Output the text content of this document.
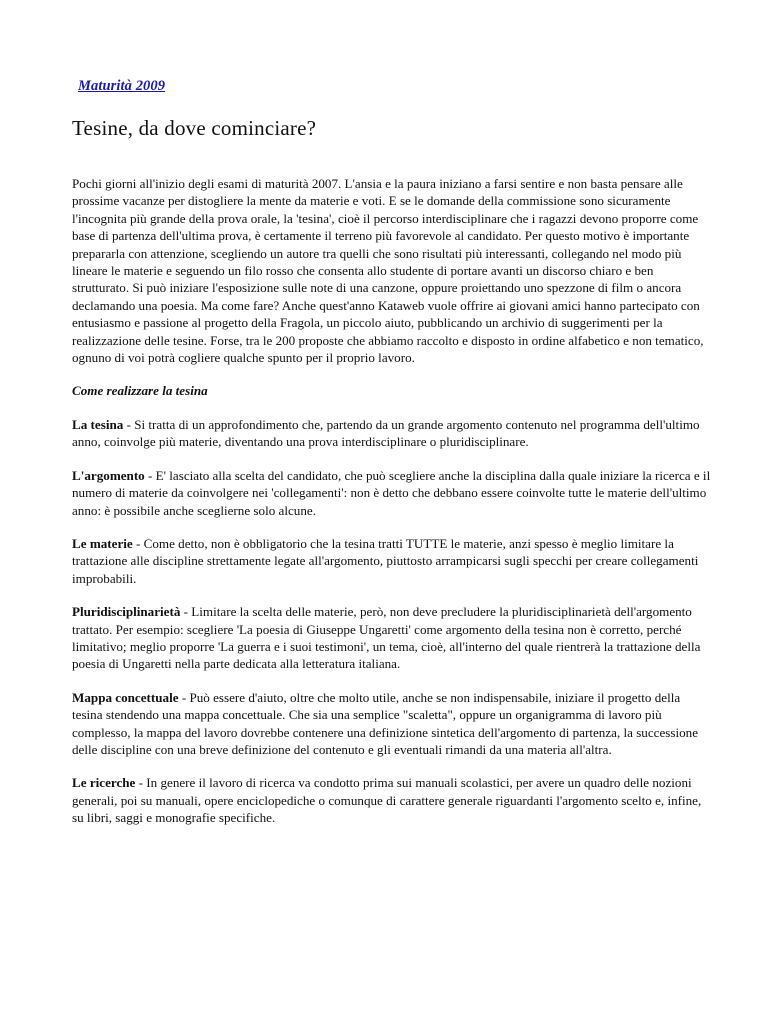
Maturità 2009
Tesine, da dove cominciare?

Pochi giorni all'inizio degli esami di maturità 2007. L'ansia e la paura iniziano a farsi sentire e non basta pensare alle prossime vacanze per distogliere la mente da materie e voti. E se le domande della commissione sono sicuramente l'incognita più grande della prova orale, la 'tesina', cioè il percorso interdisciplinare che i ragazzi devono proporre come base di partenza dell'ultima prova, è certamente il terreno più favorevole al candidato. Per questo motivo è importante prepararla con attenzione, scegliendo un autore tra quelli che sono risultati più interessanti, collegando nel modo più lineare le materie e seguendo un filo rosso che consenta allo studente di portare avanti un discorso chiaro e ben strutturato. Si può iniziare l'esposizione sulle note di una canzone, oppure proiettando uno spezzone di film o ancora declamando una poesia. Ma come fare? Anche quest'anno Kataweb vuole offrire ai giovani amici hanno partecipato con entusiasmo e passione al progetto della Fragola, un piccolo aiuto, pubblicando un archivio di suggerimenti per la realizzazione delle tesine. Forse, tra le 200 proposte che abbiamo raccolto e disposto in ordine alfabetico e non tematico, ognuno di voi potrà cogliere qualche spunto per il proprio lavoro.

Come realizzare la tesina

La tesina - Si tratta di un approfondimento che, partendo da un grande argomento contenuto nel programma dell'ultimo anno, coinvolge più materie, diventando una prova interdisciplinare o pluridisciplinare.

L'argomento - E' lasciato alla scelta del candidato, che può scegliere anche la disciplina dalla quale iniziare la ricerca e il numero di materie da coinvolgere nei 'collegamenti': non è detto che debbano essere coinvolte tutte le materie dell'ultimo anno: è possibile anche sceglierne solo alcune.

Le materie - Come detto, non è obbligatorio che la tesina tratti TUTTE le materie, anzi spesso è meglio limitare la trattazione alle discipline strettamente legate all'argomento, piuttosto arrampicarsi sugli specchi per creare collegamenti improbabili.

Pluridisciplinarietà - Limitare la scelta delle materie, però, non deve precludere la pluridisciplinarietà dell'argomento trattato. Per esempio: scegliere 'La poesia di Giuseppe Ungaretti' come argomento della tesina non è corretto, perché limitativo; meglio proporre 'La guerra e i suoi testimoni', un tema, cioè, all'interno del quale rientrerà la trattazione della poesia di Ungaretti nella parte dedicata alla letteratura italiana.

Mappa concettuale - Può essere d'aiuto, oltre che molto utile, anche se non indispensabile, iniziare il progetto della tesina stendendo una mappa concettuale. Che sia una semplice "scaletta", oppure un organigramma di lavoro più complesso, la mappa del lavoro dovrebbe contenere una definizione sintetica dell'argomento di partenza, la successione delle discipline con una breve definizione del contenuto e gli eventuali rimandi da una materia all'altra.

Le ricerche - In genere il lavoro di ricerca va condotto prima sui manuali scolastici, per avere un quadro delle nozioni generali, poi su manuali, opere enciclopediche o comunque di carattere generale riguardanti l'argomento scelto e, infine, su libri, saggi e monografie specifiche.
